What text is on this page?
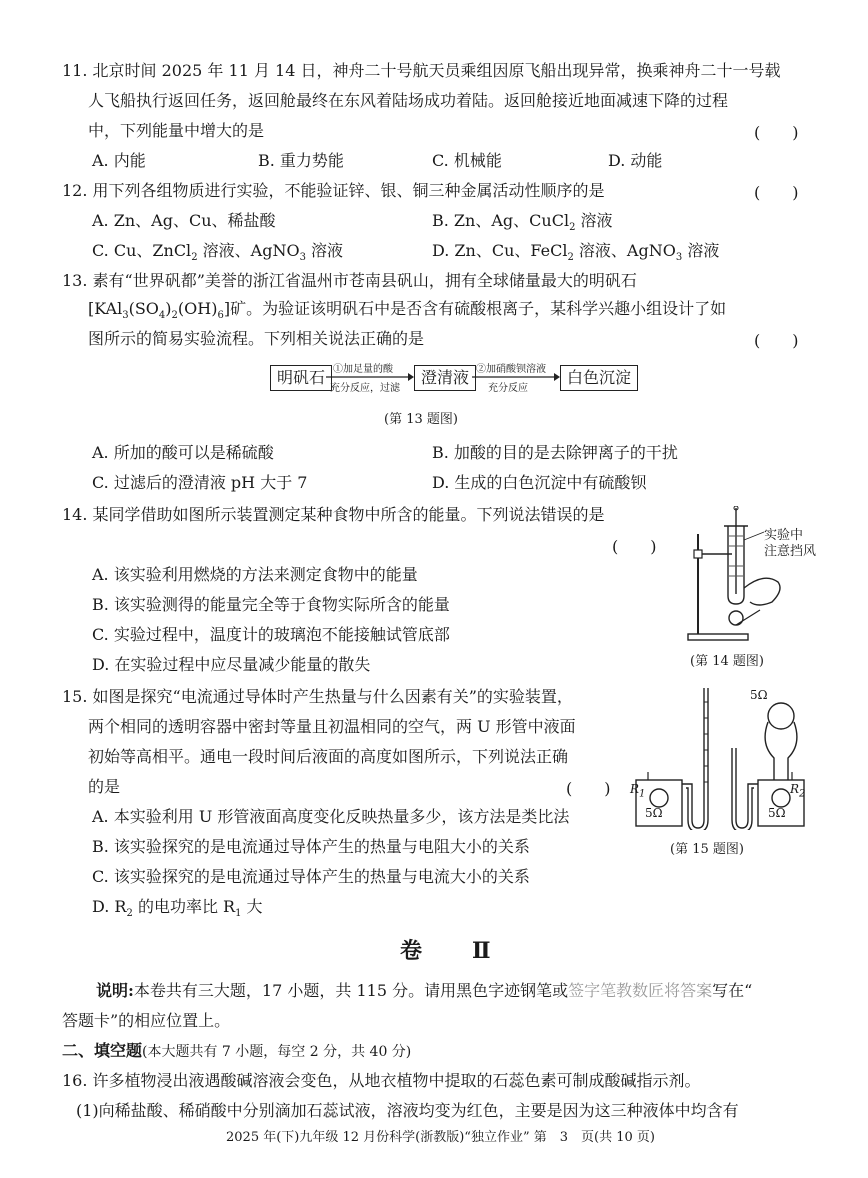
11. 北京时间 2025 年 11 月 14 日，神舟二十号航天员乘组因原飞船出现异常，换乘神舟二十一号载
人飞船执行返回任务，返回舱最终在东风着陆场成功着陆。返回舱接近地面减速下降的过程
中，下列能量中增大的是	(　　)
A. 内能	B. 重力势能	C. 机械能	D. 动能
12. 用下列各组物质进行实验，不能验证锌、银、铜三种金属活动性顺序的是	(　　)
A. Zn、Ag、Cu、稀盐酸	B. Zn、Ag、CuCl$_2$ 溶液
C. Cu、ZnCl$_2$ 溶液、AgNO$_3$ 溶液	D. Zn、Cu、FeCl$_2$ 溶液、AgNO$_3$ 溶液
13. 素有“世界矾都”美誉的浙江省温州市苍南县矾山，拥有全球储量最大的明矾石
$[KAl_3(SO_4)_2(OH)_6]$矿。为验证该明矾石中是否含有硫酸根离子，某科学兴趣小组设计了如
图所示的简易实验流程。下列相关说法正确的是	(　　)
明矾石 ①加足量的酸
充分反应，过滤
澄清液 ②加硝酸钡溶液
充分反应
白色沉淀
(第 13 题图)
A. 所加的酸可以是稀硫酸	B. 加酸的目的是去除钾离子的干扰
C. 过滤后的澄清液 pH 大于 7	D. 生成的白色沉淀中有硫酸钡
14. 某同学借助如图所示装置测定某种食物中所含的能量。下列说法错误的是
(　　)
A. 该实验利用燃烧的方法来测定食物中的能量
B. 该实验测得的能量完全等于食物实际所含的能量
C. 实验过程中，温度计的玻璃泡不能接触试管底部
D. 在实验过程中应尽量减少能量的散失
实验中
注意挡风
(第 14 题图)
15. 如图是探究“电流通过导体时产生热量与什么因素有关”的实验装置，
两个相同的透明容器中密封等量且初温相同的空气，两 U 形管中液面
初始等高相平。通电一段时间后液面的高度如图所示，下列说法正确
的是	(　　)
A. 本实验利用 U 形管液面高度变化反映热量多少，该方法是类比法
B. 该实验探究的是电流通过导体产生的热量与电阻大小的关系
C. 该实验探究的是电流通过导体产生的热量与电流大小的关系
D. $R_2$ 的电功率比 $R_1$ 大
5Ω
5Ω	5Ω
$R_1$	$R_2$
(第 15 题图)
卷　Ⅱ
说明:本卷共有三大题，17 小题，共 115 分。请用黑色字迹钢笔或签字笔教数匠将答案写在“
答题卡”的相应位置上。
二、填空题(本大题共有 7 小题，每空 2 分，共 40 分)
16. 许多植物浸出液遇酸碱溶液会变色，从地衣植物中提取的石蕊色素可制成酸碱指示剂。
(1)向稀盐酸、稀硝酸中分别滴加石蕊试液，溶液均变为红色，主要是因为这三种液体中均含有
2025 年(下)九年级 12 月份科学(浙教版)“独立作业” 第　3　页(共 10 页)
